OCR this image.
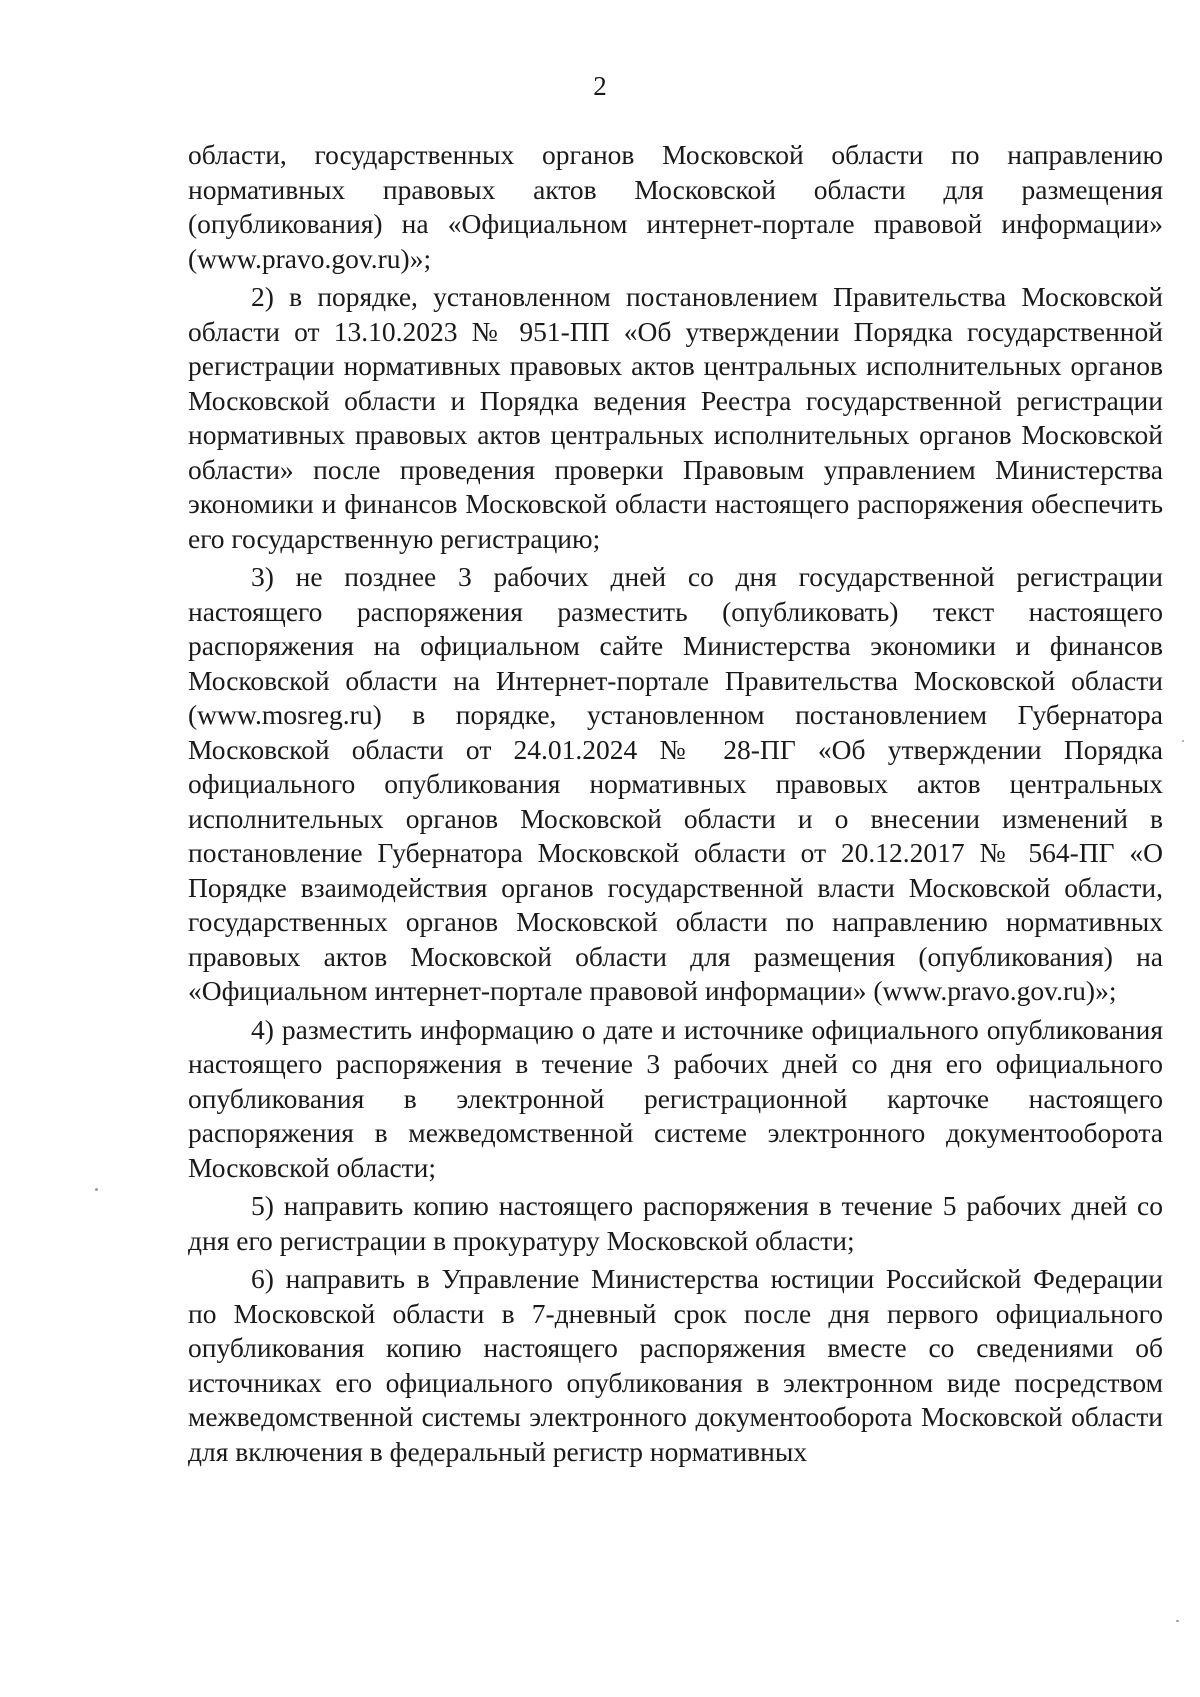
2

области, государственных органов Московской области по направлению нормативных правовых актов Московской области для размещения (опубликования) на «Официальном интернет-портале правовой информации» (www.pravo.gov.ru)»;

2) в порядке, установленном постановлением Правительства Московской области от 13.10.2023 № 951-ПП «Об утверждении Порядка государственной регистрации нормативных правовых актов центральных исполнительных органов Московской области и Порядка ведения Реестра государственной регистрации нормативных правовых актов центральных исполнительных органов Московской области» после проведения проверки Правовым управлением Министерства экономики и финансов Московской области настоящего распоряжения обеспечить его государственную регистрацию;

3) не позднее 3 рабочих дней со дня государственной регистрации настоящего распоряжения разместить (опубликовать) текст настоящего распоряжения на официальном сайте Министерства экономики и финансов Московской области на Интернет-портале Правительства Московской области (www.mosreg.ru) в порядке, установленном постановлением Губернатора Московской области от 24.01.2024 № 28-ПГ «Об утверждении Порядка официального опубликования нормативных правовых актов центральных исполнительных органов Московской области и о внесении изменений в постановление Губернатора Московской области от 20.12.2017 № 564-ПГ «О Порядке взаимодействия органов государственной власти Московской области, государственных органов Московской области по направлению нормативных правовых актов Московской области для размещения (опубликования) на «Официальном интернет-портале правовой информации» (www.pravo.gov.ru)»;

4) разместить информацию о дате и источнике официального опубликования настоящего распоряжения в течение 3 рабочих дней со дня его официального опубликования в электронной регистрационной карточке настоящего распоряжения в межведомственной системе электронного документооборота Московской области;

5) направить копию настоящего распоряжения в течение 5 рабочих дней со дня его регистрации в прокуратуру Московской области;

6) направить в Управление Министерства юстиции Российской Федерации по Московской области в 7-дневный срок после дня первого официального опубликования копию настоящего распоряжения вместе со сведениями об источниках его официального опубликования в электронном виде посредством межведомственной системы электронного документооборота Московской области для включения в федеральный регистр нормативных
